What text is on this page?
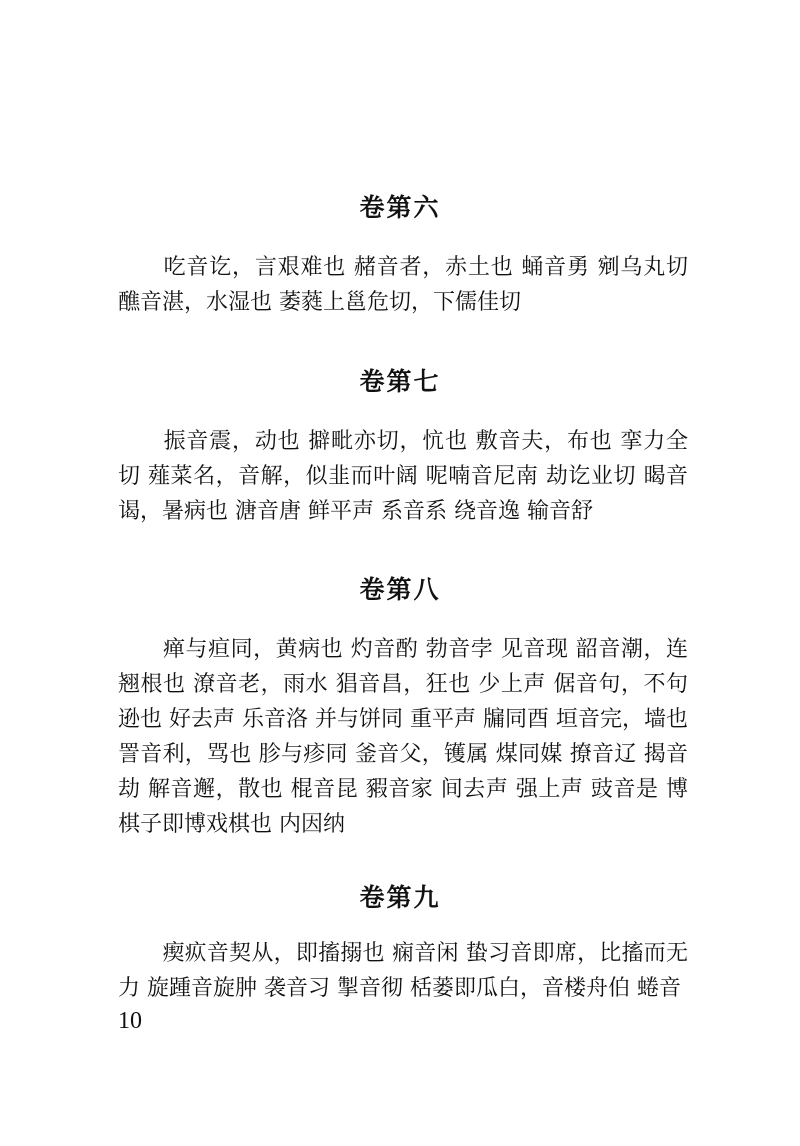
卷第六
　　吃音讫，言艰难也 赭音者，赤土也 蛹音勇 剜乌丸切 醮音湛，水湿也 萎蕤上邕危切，下儒佳切
卷第七
　　振音震，动也 擗毗亦切，忼也 敷音夫，布也 挛力全切 薤菜名，音解，似韭而叶阔 呢喃音尼南 劫讫业切 暍音谒，暑病也 溏音唐 鲜平声 系音系 绕音逸 输音舒
卷第八
　　瘅与疸同，黄病也 灼音酌 勃音孛 见音现 韶音潮，连翘根也 潦音老，雨水 猖音昌，狂也 少上声 倨音句，不句逊也 好去声 乐音洛 并与饼同 重平声 牖同酉 垣音完，墙也 詈音利，骂也 胗与疹同 釜音父，镬属 煤同媒 撩音辽 揭音劫 解音邂，散也 棍音昆 豭音家 间去声 强上声 豉音是 博棋子即博戏棋也 内因纳
卷第九
　　瘈疭音契从，即搐搦也 痫音闲 蛰习音即席，比搐而无力 旋踵音旋肿 袭音习 掣音彻 栝蒌即瓜白，音楼舟伯 蜷音
10
